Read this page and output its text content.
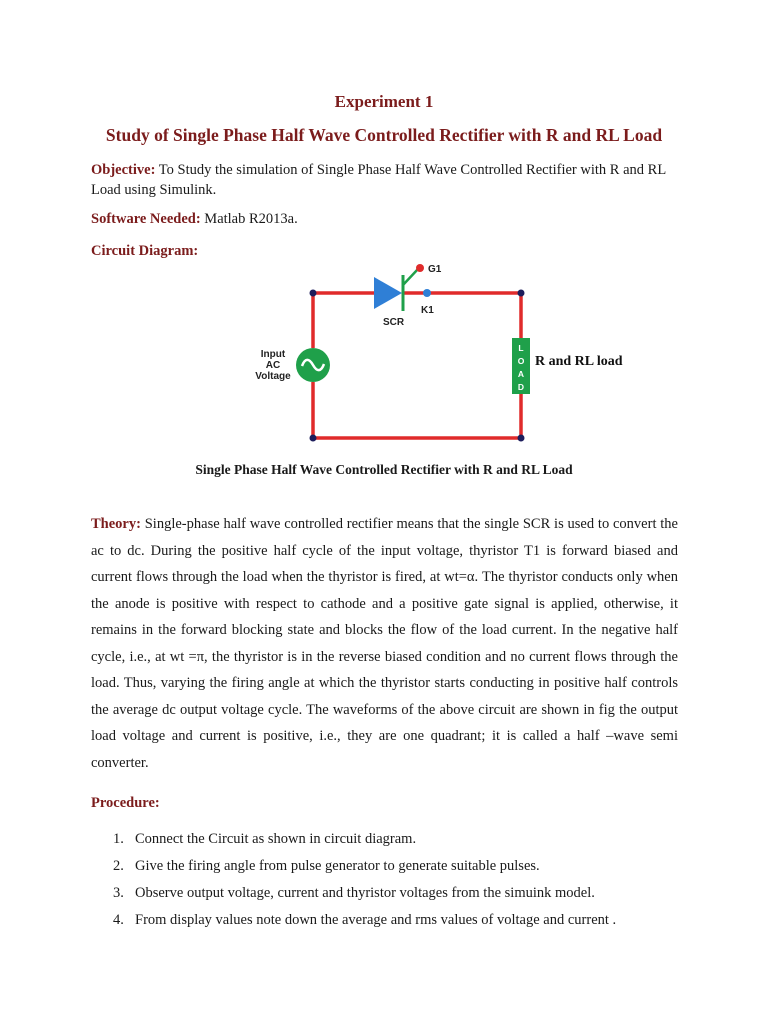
Experiment 1
Study of Single Phase Half Wave Controlled Rectifier with R and RL Load

Objective: To Study the simulation of Single Phase Half Wave Controlled Rectifier with R and RL Load using Simulink.

Software Needed: Matlab R2013a.

Circuit Diagram:

G1
K1
SCR
Input
AC
Voltage
L
O
A
D
R and RL load

Single Phase Half Wave Controlled Rectifier with R and RL Load

Theory: Single-phase half wave controlled rectifier means that the single SCR is used to convert the ac to dc. During the positive half cycle of the input voltage, thyristor T1 is forward biased and current flows through the load when the thyristor is fired, at wt=α. The thyristor conducts only when the anode is positive with respect to cathode and a positive gate signal is applied, otherwise, it remains in the forward blocking state and blocks the flow of the load current. In the negative half cycle, i.e., at wt =π, the thyristor is in the reverse biased condition and no current flows through the load. Thus, varying the firing angle at which the thyristor starts conducting in positive half controls the average dc output voltage cycle. The waveforms of the above circuit are shown in fig the output load voltage and current is positive, i.e., they are one quadrant; it is called a half –wave semi converter.

Procedure:

1. Connect the Circuit as shown in circuit diagram.
2. Give the firing angle from pulse generator to generate suitable pulses.
3. Observe output voltage, current and thyristor voltages from the simuink model.
4. From display values note down the average and rms values of voltage and current .
